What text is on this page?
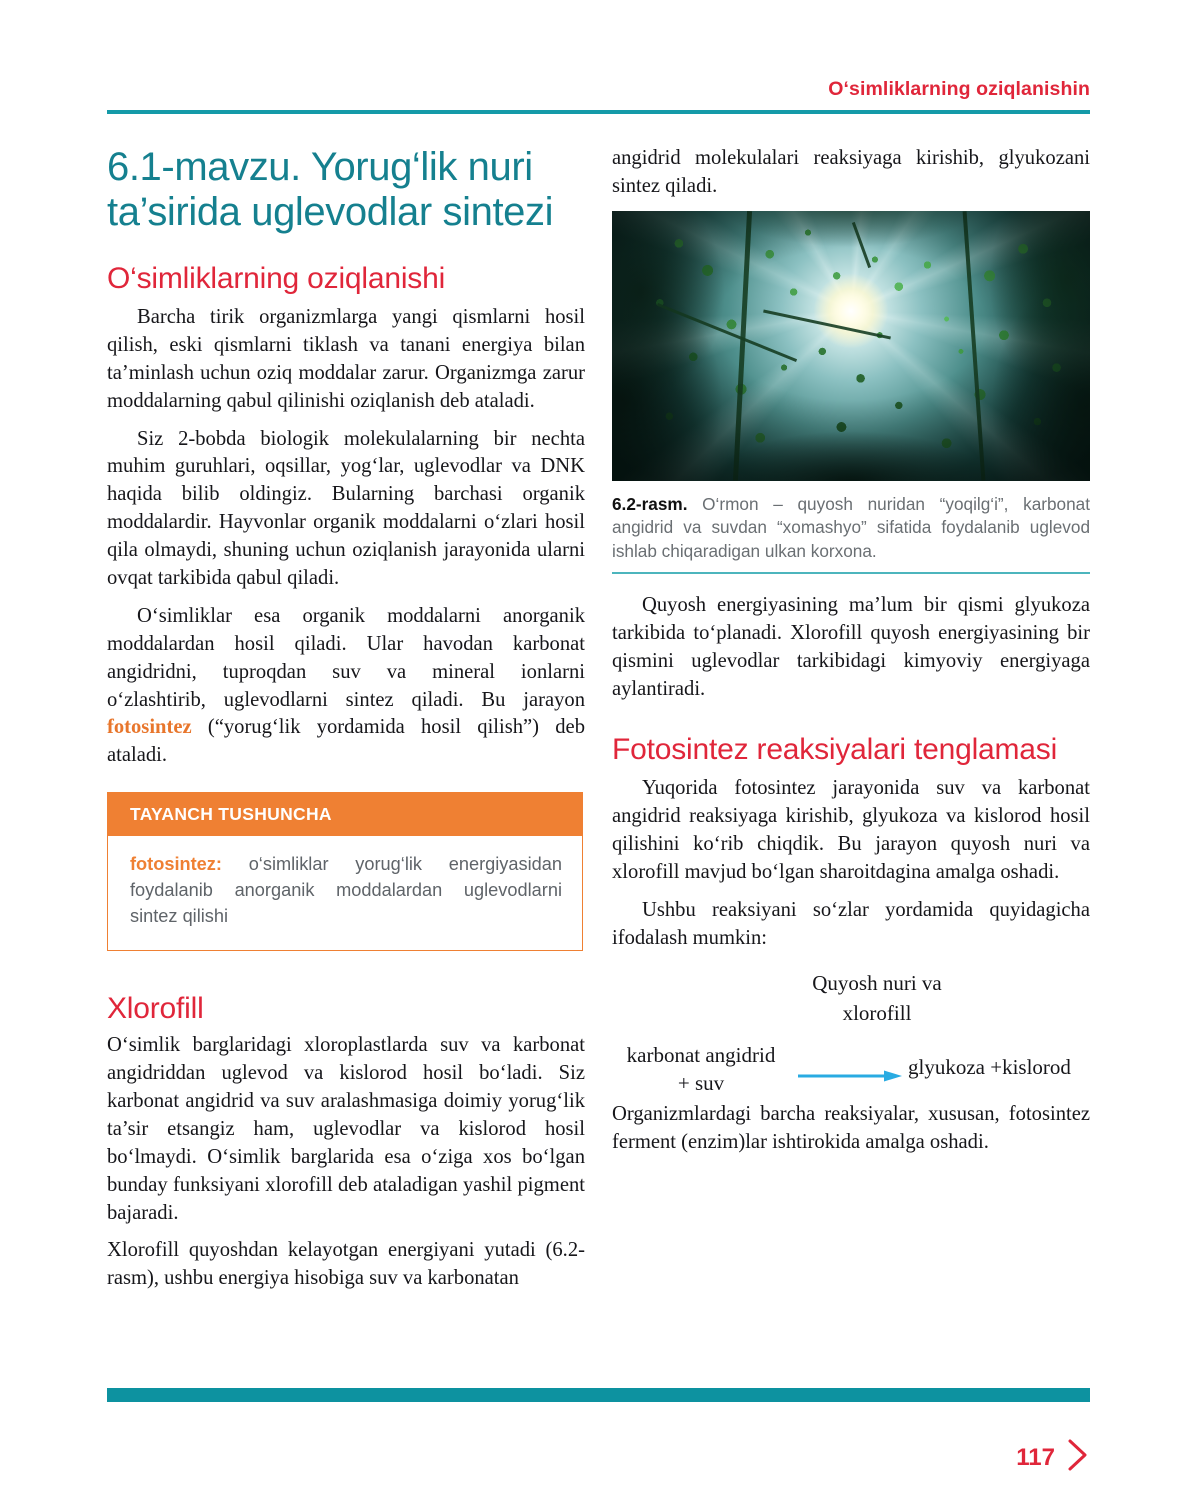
O‘simliklarning oziqlanishin
6.1-mavzu. Yorug‘lik nuri ta’sirida uglevodlar sintezi
O‘simliklarning oziqlanishi

Barcha tirik organizmlarga yangi qismlarni hosil qilish, eski qismlarni tiklash va tanani energiya bilan ta’minlash uchun oziq moddalar zarur. Organizmga zarur moddalarning qabul qilinishi oziqlanish deb ataladi.

Siz 2-bobda biologik molekulalarning bir nechta muhim guruhlari, oqsillar, yog‘lar, uglevodlar va DNK haqida bilib oldingiz. Bularning barchasi organik moddalardir. Hayvonlar organik moddalarni o‘zlari hosil qila olmaydi, shuning uchun oziqlanish jarayonida ularni ovqat tarkibida qabul qiladi.

O‘simliklar esa organik moddalarni anorganik moddalardan hosil qiladi. Ular havodan karbonat angidridni, tuproqdan suv va mineral ionlarni o‘zlashtirib, uglevodlarni sintez qiladi. Bu jarayon fotosintez (“yorug‘lik yordamida hosil qilish”) deb ataladi.

TAYANCH TUSHUNCHA
fotosintez: o‘simliklar yorug‘lik energiyasidan foydalanib anorganik moddalardan uglevodlarni sintez qilishi
Xlorofill

O‘simlik barglaridagi xloroplastlarda suv va karbonat angidriddan uglevod va kislorod hosil bo‘ladi. Siz karbonat angidrid va suv aralashmasiga doimiy yorug‘lik ta’sir etsangiz ham, uglevodlar va kislorod hosil bo‘lmaydi. O‘simlik barglarida esa o‘ziga xos bo‘lgan bunday funksiyani xlorofill deb ataladigan yashil pigment bajaradi.

Xlorofill quyoshdan kelayotgan energiyani yutadi (6.2-rasm), ushbu energiya hisobiga suv va karbonatan

angidrid molekulalari reaksiyaga kirishib, glyukozani sintez qiladi.

6.2-rasm. O‘rmon – quyosh nuridan “yoqilg‘i”, karbonat angidrid va suvdan “xomashyo” sifatida foydalanib uglevod ishlab chiqaradigan ulkan korxona.

Quyosh energiyasining ma’lum bir qismi glyukoza tarkibida to‘planadi. Xlorofill quyosh energiyasining bir qismini uglevodlar tarkibidagi kimyoviy energiyaga aylantiradi.

Fotosintez reaksiyalari tenglamasi

Yuqorida fotosintez jarayonida suv va karbonat angidrid reaksiyaga kirishib, glyukoza va kislorod hosil qilishini ko‘rib chiqdik. Bu jarayon quyosh nuri va xlorofill mavjud bo‘lgan sharoitdagina amalga oshadi.

Ushbu reaksiyani so‘zlar yordamida quyidagicha ifodalash mumkin:

Quyosh nuri va
xlorofill
karbonat angidrid
+ suv
glyukoza +kislorod

Organizmlardagi barcha reaksiyalar, xususan, fotosintez ferment (enzim)lar ishtirokida amalga oshadi.

117
